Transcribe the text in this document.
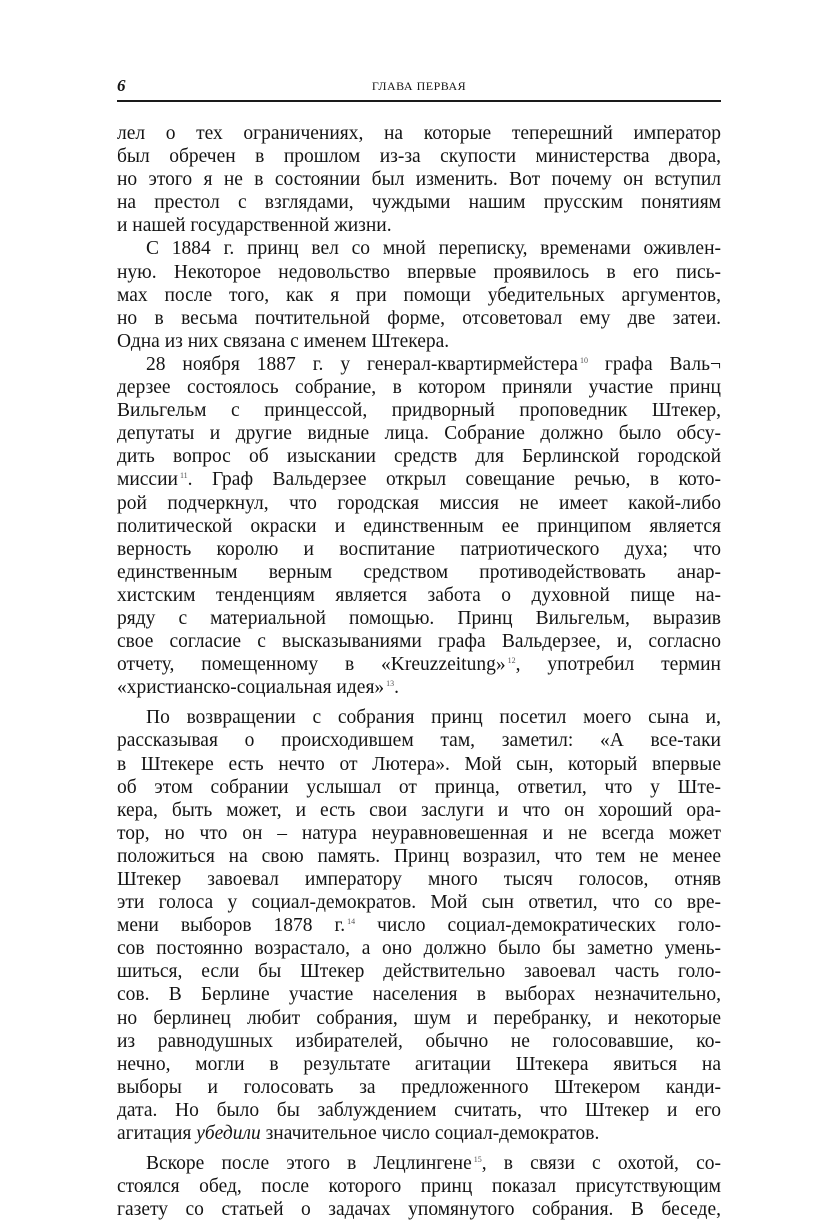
6	ГЛАВА ПЕРВАЯ
лел о тех ограничениях, на которые теперешний император
был обречен в прошлом из-за скупости министерства двора,
но этого я не в состоянии был изменить. Вот почему он вступил
на престол с взглядами, чуждыми нашим прусским понятиям
и нашей государственной жизни.
С 1884 г. принц вел со мной переписку, временами оживлен-
ную. Некоторое недовольство впервые проявилось в его пись-
мах после того, как я при помощи убедительных аргументов,
но в весьма почтительной форме, отсоветовал ему две затеи.
Одна из них связана с именем Штекера.
28 ноября 1887 г. у генерал-квартирмейстера $^{10}$ графа Валь¬
дерзее состоялось собрание, в котором приняли участие принц
Вильгельм с принцессой, придворный проповедник Штекер,
депутаты и другие видные лица. Собрание должно было обсу-
дить вопрос об изыскании средств для Берлинской городской
миссии $^{11}$. Граф Вальдерзее открыл совещание речью, в кото-
рой подчеркнул, что городская миссия не имеет какой-либо
политической окраски и единственным ее принципом является
верность королю и воспитание патриотического духа; что
единственным верным средством противодействовать анар-
хистским тенденциям является забота о духовной пище на-
ряду с материальной помощью. Принц Вильгельм, выразив
свое согласие с высказываниями графа Вальдерзее, и, согласно
отчету, помещенному в «Kreuzzeitung» $^{12}$, употребил термин
«христианско-социальная идея» $^{13}$.
По возвращении с собрания принц посетил моего сына и,
рассказывая о происходившем там, заметил: «А все-таки
в Штекере есть нечто от Лютера». Мой сын, который впервые
об этом собрании услышал от принца, ответил, что у Ште-
кера, быть может, и есть свои заслуги и что он хороший ора-
тор, но что он – натура неуравновешенная и не всегда может
положиться на свою память. Принц возразил, что тем не менее
Штекер завоевал императору много тысяч голосов, отняв
эти голоса у социал-демократов. Мой сын ответил, что со вре-
мени выборов 1878 г. $^{14}$ число социал-демократических голо-
сов постоянно возрастало, а оно должно было бы заметно умень-
шиться, если бы Штекер действительно завоевал часть голо-
сов. В Берлине участие населения в выборах незначительно,
но берлинец любит собрания, шум и перебранку, и некоторые
из равнодушных избирателей, обычно не голосовавшие, ко-
нечно, могли в результате агитации Штекера явиться на
выборы и голосовать за предложенного Штекером канди-
дата. Но было бы заблуждением считать, что Штекер и его
агитация убедили значительное число социал-демократов.
Вскоре после этого в Лецлингене $^{15}$, в связи с охотой, со-
стоялся обед, после которого принц показал присутствующим
газету со статьей о задачах упомянутого собрания. В беседе,
